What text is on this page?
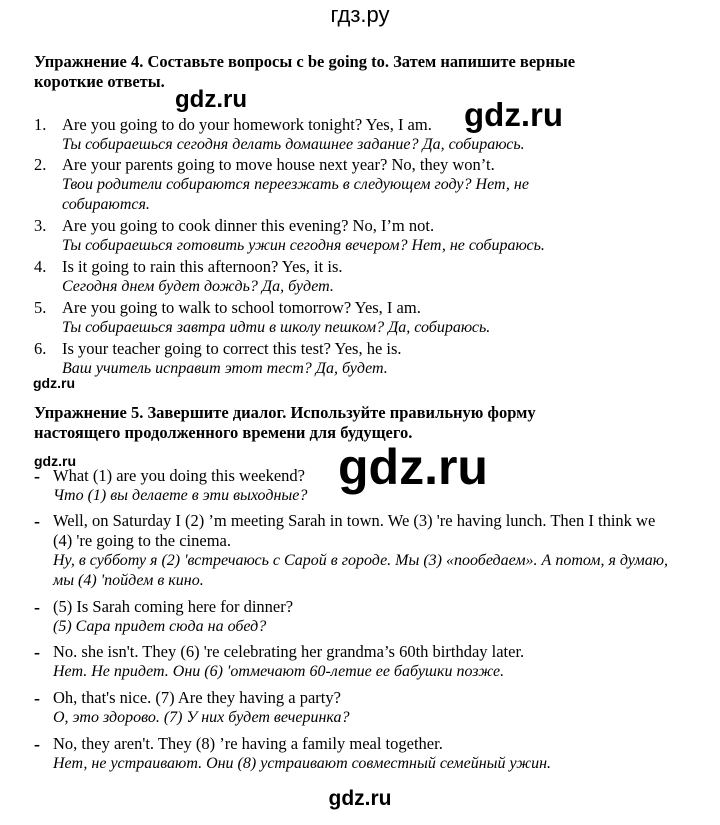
гдз.ру
gdz.ru	gdz.ru
gdz.ru
gdz.ru	gdz.ru
Упражнение 4. Составьте вопросы с be going to. Затем напишите верные
короткие ответы.
1. Are you going to do your homework tonight? Yes, I am.
Ты собираешься сегодня делать домашнее задание? Да, собираюсь.
2. Are your parents going to move house next year? No, they won’t.
Твои родители собираются переезжать в следующем году? Нет, не собираются.
3. Are you going to cook dinner this evening? No, I’m not.
Ты собираешься готовить ужин сегодня вечером? Нет, не собираюсь.
4. Is it going to rain this afternoon? Yes, it is.
Сегодня днем будет дождь? Да, будет.
5. Are you going to walk to school tomorrow? Yes, I am.
Ты собираешься завтра идти в школу пешком? Да, собираюсь.
6. Is your teacher going to correct this test? Yes, he is.
Ваш учитель исправит этот тест? Да, будет.
Упражнение 5. Завершите диалог. Используйте правильную форму
настоящего продолженного времени для будущего.
- What (1) are you doing this weekend?
Что (1) вы делаете в эти выходные?
- Well, on Saturday I (2) ’m meeting Sarah in town. We (3) 're having lunch. Then I think we (4) 're going to the cinema.
Ну, в субботу я (2) 'встречаюсь с Сарой в городе. Мы (3) «пообедаем». А потом, я думаю, мы (4) 'пойдем в кино.
- (5) Is Sarah coming here for dinner?
(5) Сара придет сюда на обед?
- No. she isn't. They (6) 're celebrating her grandma’s 60th birthday later.
Нет. Не придет. Они (6) 'отмечают 60-летие ее бабушки позже.
- Oh, that's nice. (7) Are they having a party?
О, это здорово. (7) У них будет вечеринка?
- No, they aren't. They (8) ’re having a family meal together.
Нет, не устраивают. Они (8) устраивают совместный семейный ужин.
gdz.ru
